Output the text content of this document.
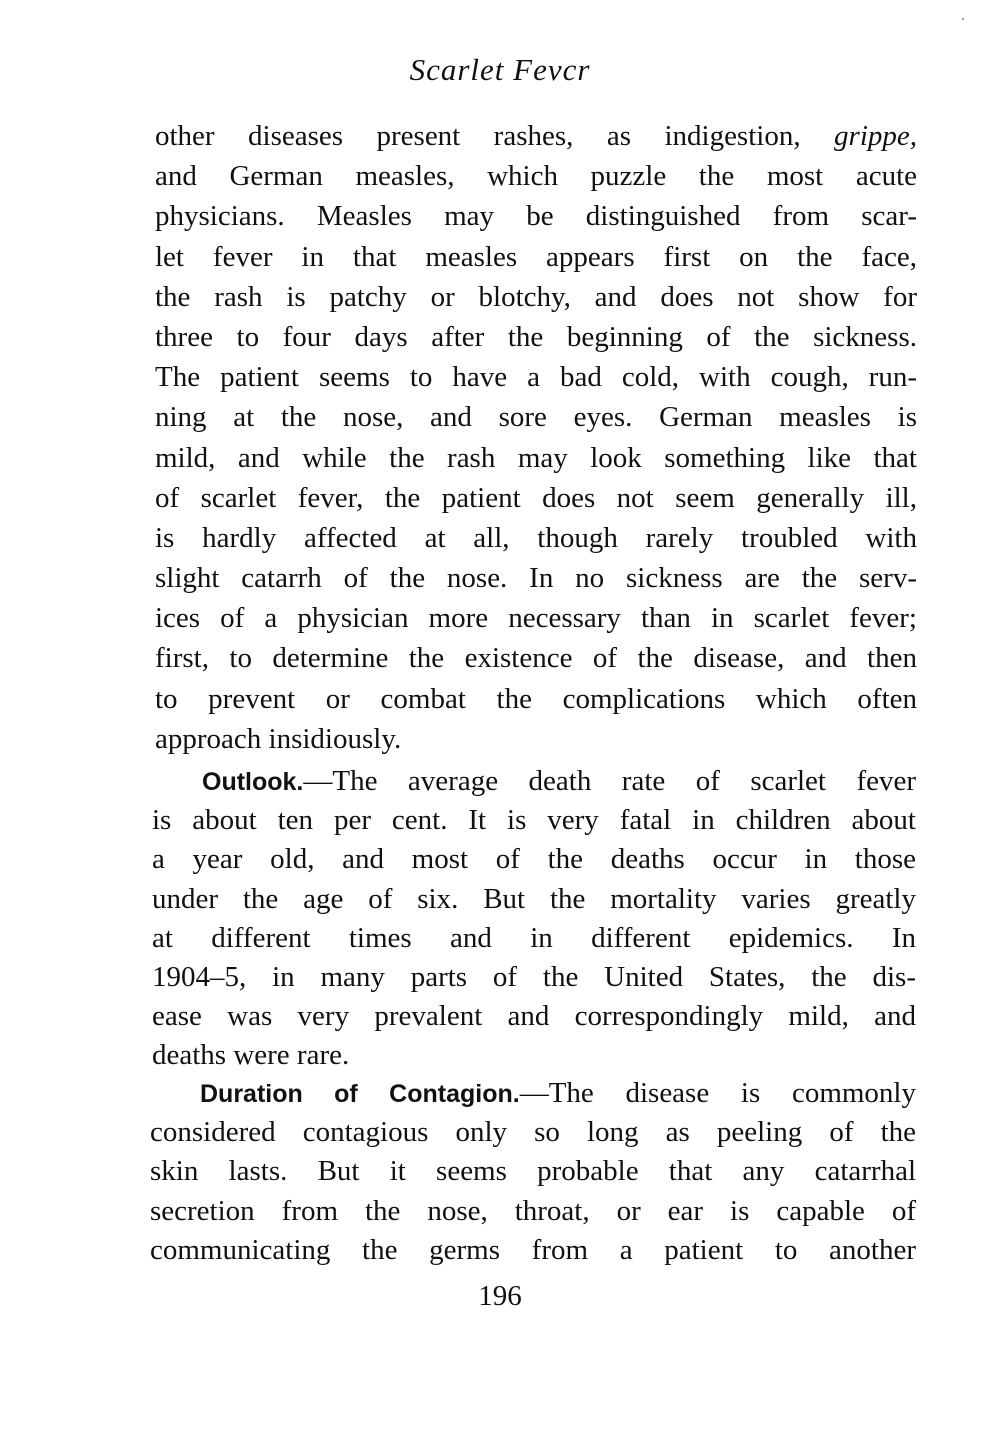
Scarlet Fevcr
other diseases present rashes, as indigestion, grippe,
and German measles, which puzzle the most acute
physicians. Measles may be distinguished from scar-
let fever in that measles appears first on the face,
the rash is patchy or blotchy, and does not show for
three to four days after the beginning of the sickness.
The patient seems to have a bad cold, with cough, run-
ning at the nose, and sore eyes. German measles is
mild, and while the rash may look something like that
of scarlet fever, the patient does not seem generally ill,
is hardly affected at all, though rarely troubled with
slight catarrh of the nose. In no sickness are the serv-
ices of a physician more necessary than in scarlet fever;
first, to determine the existence of the disease, and then
to prevent or combat the complications which often
approach insidiously.
Outlook.—The average death rate of scarlet fever
is about ten per cent. It is very fatal in children about
a year old, and most of the deaths occur in those
under the age of six. But the mortality varies greatly
at different times and in different epidemics. In
1904–5, in many parts of the United States, the dis-
ease was very prevalent and correspondingly mild, and
deaths were rare.
Duration of Contagion.—The disease is commonly
considered contagious only so long as peeling of the
skin lasts. But it seems probable that any catarrhal
secretion from the nose, throat, or ear is capable of
communicating the germs from a patient to another
196
